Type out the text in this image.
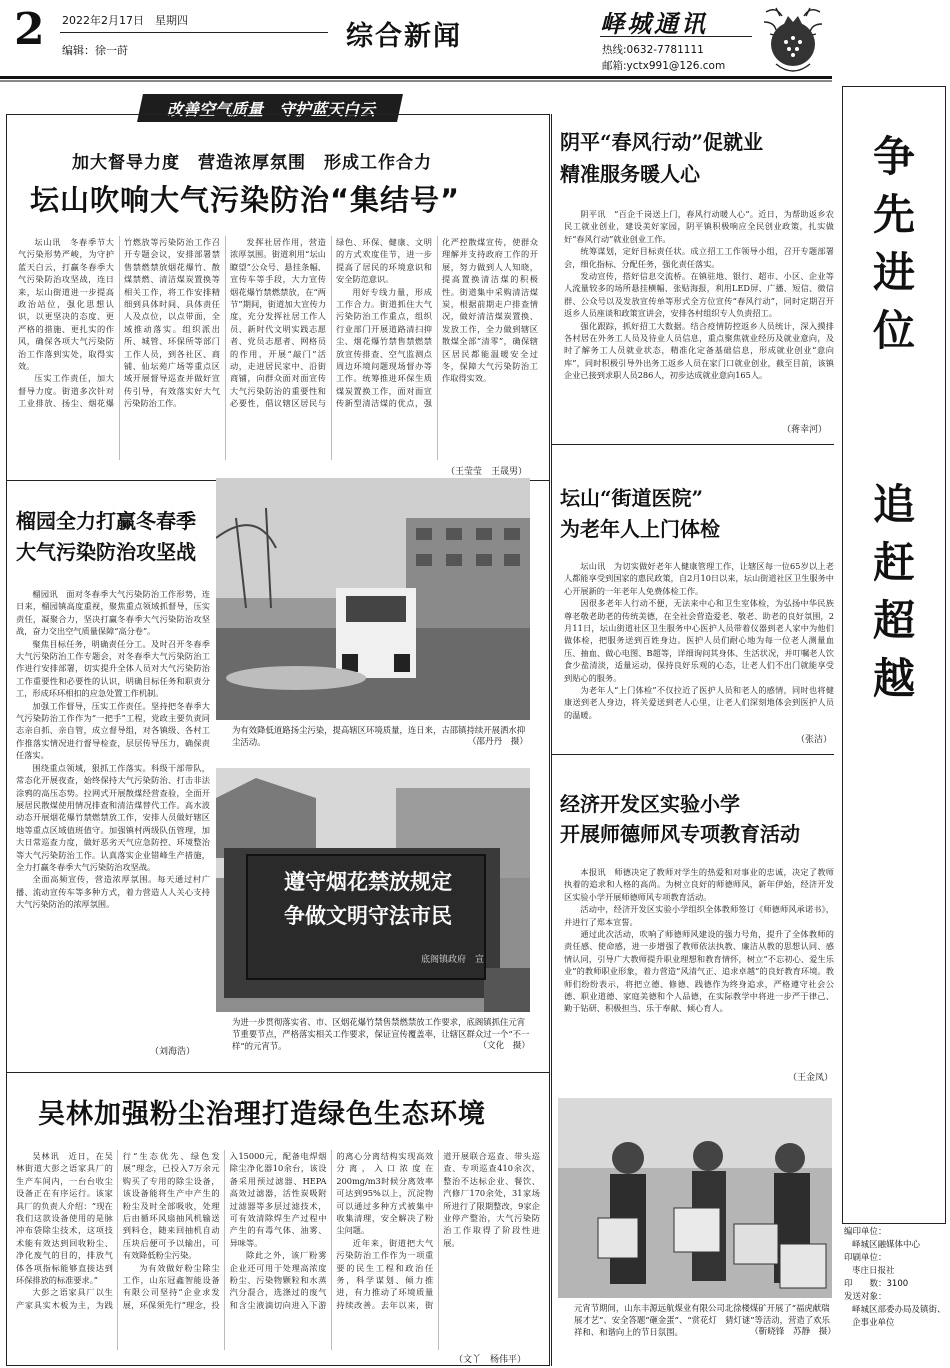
2 2022年2月17日　星期四
编辑：徐一莳	综合新闻	峄城通讯
热线:0632-7781111
邮箱:yctx991@126.com
改善空气质量　守护蓝天白云
加大督导力度　营造浓厚氛围　形成工作合力
坛山吹响大气污染防治“集结号”

坛山讯　冬春季节大气污染形势严峻，为守护蓝天白云，打赢冬春季大气污染防治攻坚战，连日来，坛山街道进一步提高政治站位，强化思想认识，以更坚决的态度、更严格的措施、更扎实的作风，确保各项大气污染防治工作落到实处，取得实效。

压实工作责任，加大督导力度。街道多次针对工业排放、扬尘、烟花爆竹燃放等污染防治工作召开专题会议，安排部署禁售禁燃禁放烟花爆竹、散煤禁燃、清洁煤炭置换等相关工作，将工作安排精细到具体时间、具体责任人及点位，以点带面，全域推动落实。组织派出所、城管、环保所等部门工作人员，到各社区、商铺、仙坛苑广场等重点区域开展督导巡查并做好宣传引导，有效落实好大气污染防治工作。

发挥社居作用，营造浓厚氛围。街道利用“坛山瞭望”公众号、悬挂条幅、宣传车等手段，大力宣传烟花爆竹禁燃禁放，在“两节”期间，街道加大宣传力度，充分发挥社居工作人员、新时代文明实践志愿者、党员志愿者、网格员的作用，开展“敲门”活动，走进居民家中、沿街商铺，向群众面对面宣传大气污染防治的重要性和必要性，倡议辖区居民与绿色、环保、健康、文明的方式欢度佳节，进一步提高了居民的环境意识和安全防范意识。

用好专线力量，形成工作合力。街道抓住大气污染防治工作重点，组织行业部门开展道路清扫抑尘、烟花爆竹禁售禁燃禁放宣传排查、空气监测点周边环境问题现场督办等工作。统筹推进环保生质煤炭置换工作，面对面宣传新型清洁煤的优点，强化严控散煤宣传，使群众理解并支持政府工作的开展，努力做到人人知晓，提高置换清洁煤的积极性。街道集中采购清洁煤炭，根据前期走户排查情况，做好清洁煤炭置换、发放工作，全力做到辖区散煤全部“清零”，确保辖区居民都能温暖安全过冬，保障大气污染防治工作取得实效。

（王莹莹　王晟男）
榴园全力打赢冬春季大气污染防治攻坚战

榴园讯　面对冬春季大气污染防治工作形势，连日来，榴园镇高度重视，聚焦重点领域抓督导，压实责任，凝聚合力，坚决打赢冬春季大气污染防治攻坚战，奋力交出空气质量保障“高分卷”。

聚焦目标任务，明确责任分工。及时召开冬春季大气污染防治工作专题会，对冬春季大气污染防治工作进行安排部署，切实提升全体人员对大气污染防治工作重要性和必要性的认识，明确目标任务和职责分工，形成环环相扣的应急处置工作机制。

加强工作督导，压实工作责任。坚持把冬春季大气污染防治工作作为“一把手”工程，党政主要负责同志亲自抓、亲自管，成立督导组，对各镇级、各村工作推落实情况进行督导检查，层层传导压力，确保责任落实。

围绕重点领域，狠抓工作落实。科级干部带队，常态化开展夜查，始终保持大气污染防治、打击非法涂鸦的高压态势。拉网式开展散煤经营查验，全面开展居民散煤使用情况排查和清洁煤替代工作。高水波动态开展烟花爆竹禁燃禁放工作，安排人员做好辖区地等重点区域值班值守。加强镇村两级队伍管理，加大日常巡查力度，做好恶劣天气应急防控、环境整治等大气污染防治工作。认真落实企业错峰生产措施，全力打赢冬春季大气污染防治攻坚战。

全面高频宣传，营造浓厚氛围。每天通过村广播、流动宣传车等多种方式，着力营造人人关心支持大气污染防治的浓厚氛围。

（刘海浩）
为有效降低道路扬尘污染，提高辖区环境质量，连日来，古邵镇持续开展洒水抑尘活动。	（邵丹丹　摄）
遵守烟花禁放规定
争做文明守法市民
底阁镇政府　宣
为进一步贯彻落实省、市、区烟花爆竹禁售禁燃禁放工作要求，底阁镇抓住元宵节重要节点，严格落实相关工作要求，保证宣传覆盖率，让辖区群众过一个“不一样”的元宵节。	（文化　摄）
吴林加强粉尘治理打造绿色生态环境

吴林讯　近日，在吴林街道大彭之语家具厂的生产车间内，一台台收尘设备正在有序运行。该家具厂的负责人介绍：“现在我们这款设备使用的是脉冲布袋除尘技术，这项技术能有效达到回收粉尘、净化废气的目的，排放气体各项指标能够直接达到环保排放的标准要求。”

大彭之语家具厂以生产家具实木板为主，为践行“生态优先、绿色发展”理念，已投入7万余元购买了专用的除尘设备，该设备能将生产中产生的粉尘及时全部吸收，处理后由循环风扇抽风机输送到料仓，随来回抽机自动压块后便可予以输出，可有效降低粉尘污染。

为有效做好粉尘除尘工作，山东冠鑫智能设备有限公司坚持“企业求发展，环保须先行”理念，投入15000元，配备电焊烟除尘净化器10余台，该设备采用预过滤器、HEPA高效过滤器，活性炭吸附过滤器等多层过滤技术，可有效清除焊生产过程中产生的有毒气体、油雾、异味等。

除此之外，该厂粉雾企业还可用于处理高浓度粉尘、污染物颗粒和水蒸汽分混合，选涤过的废气和含尘液滴切向进入下游的离心分离结构实现高效分离，入口浓度在200mg/m3时候分离效率可达到95%以上，沉淀物可以通过多种方式被集中收集清理，安全解决了粉尘问题。

近年来，街道把大气污染防治工作作为一项重要的民生工程和政治任务，科学谋划、倾力推进，有力推动了环境质量持续改善。去年以来，街道开展联合巡查、带头巡查、专项巡查410余次，整治不达标企业、餐饮、汽修厂170余处，31家场所进行了限期整改，9家企业停产整治，大气污染防治工作取得了阶段性进展。

（文丫　杨伟平）
阴平“春风行动”促就业
精准服务暖人心

阴平讯　“百企千岗送上门，春风行动暖人心”。近日，为帮助返乡农民工就业创业，建设美好家园，阴平镇积极响应全民创业政策，扎实做好“春风行动”就业创业工作。

统筹谋划，定好目标责任状。成立招工工作领导小组，召开专题部署会，细化指标、分配任务，强化责任落实。

发动宣传，搭好信息交流桥。在镇驻地、银行、超市、小区、企业等人流量较多的场所悬挂横幅、张贴海报，利用LED屏、广播、短信、微信群、公众号以及发放宣传单等形式全方位宣传“春风行动”，同时定期召开返乡人员座谈和政策宣讲会，安排各村组织专人负责招工。

强化跟踪，抓好招工大数据。结合疫情防控返乡人员统计，深入摸排各村居在外务工人员及待业人员信息，重点聚焦就业经历及就业意向，及时了解务工人员就业状态，精准化定备基础信息，形成就业创业“意向库”，同时积极引导外出务工返乡人员在家门口就业创业，截至目前，该镇企业已接到求职人员286人，初步达成就业意向165人。

（蒋幸河）
坛山“街道医院”
为老年人上门体检

坛山讯　为切实做好老年人健康管理工作，让辖区每一位65岁以上老人都能享受到国家的惠民政策，自2月10日以来，坛山街道社区卫生服务中心开展新的一年老年人免费体检工作。

因很多老年人行动不便，无法来中心和卫生室体检，为弘扬中华民族尊老敬老助老的传统美德，在全社会营造爱老、敬老、助老的良好氛围，2月11日，坛山街道社区卫生服务中心医护人员带着仪器到老人家中为他们做体检，把服务送到百姓身边。医护人员们耐心地为每一位老人测量血压、抽血、做心电图、B超等，详细询问其身体、生活状况，并叮嘱老人饮食少盐清淡，适量运动，保持良好乐观的心态，让老人们不出门就能享受到贴心的服务。

为老年人“上门体检”不仅拉近了医护人员和老人的感情，同时也将健康送到老人身边，将关爱送到老人心里，让老人们深刻地体会到医护人员的温暖。

（张洁）
经济开发区实验小学
开展师德师风专项教育活动

本报讯　师德决定了教师对学生的热爱和对事业的忠诚，决定了教师执着的追求和人格的高尚。为树立良好的师德师风，新年伊始，经济开发区实验小学开展师德师风专项教育活动。

活动中，经济开发区实验小学组织全体教师签订《师德师风承诺书》，并进行了郑本宣誓。

通过此次活动，吹响了师德师风建设的强力号角，提升了全体教师的责任感、使命感，进一步增强了教师依法执教、廉洁从教的思想认同、感情认同，引导广大教师提升职业理想和教育情怀，树立“不忘初心、爱生乐业”的教师职业形象，着力营造“风清气正、追求卓越”的良好教育环境。教师们纷纷表示，将把立德、修德、践德作为终身追求，严格遵守社会公德、职业道德、家庭美德和个人品德，在实际教学中将进一步严于律己、勤于钻研、积极担当、乐于奉献、倾心育人。

（王金凤）
元宵节期间，山东丰源远航煤业有限公司北徐楼煤矿开展了“福虎献瑞展才艺”、安全答题“砸金蛋”、“赏花灯　猜灯谜”等活动，营造了欢乐祥和、和谐向上的节日氛围。	（靳晓锋　苏静　摄）
争
先
进
位
追
赶
超
越
编印单位：
峄城区融媒体中心
印刷单位：
枣庄日报社
印　　数：3100
发送对象：
峄城区部委办局及镇街、企事业单位
